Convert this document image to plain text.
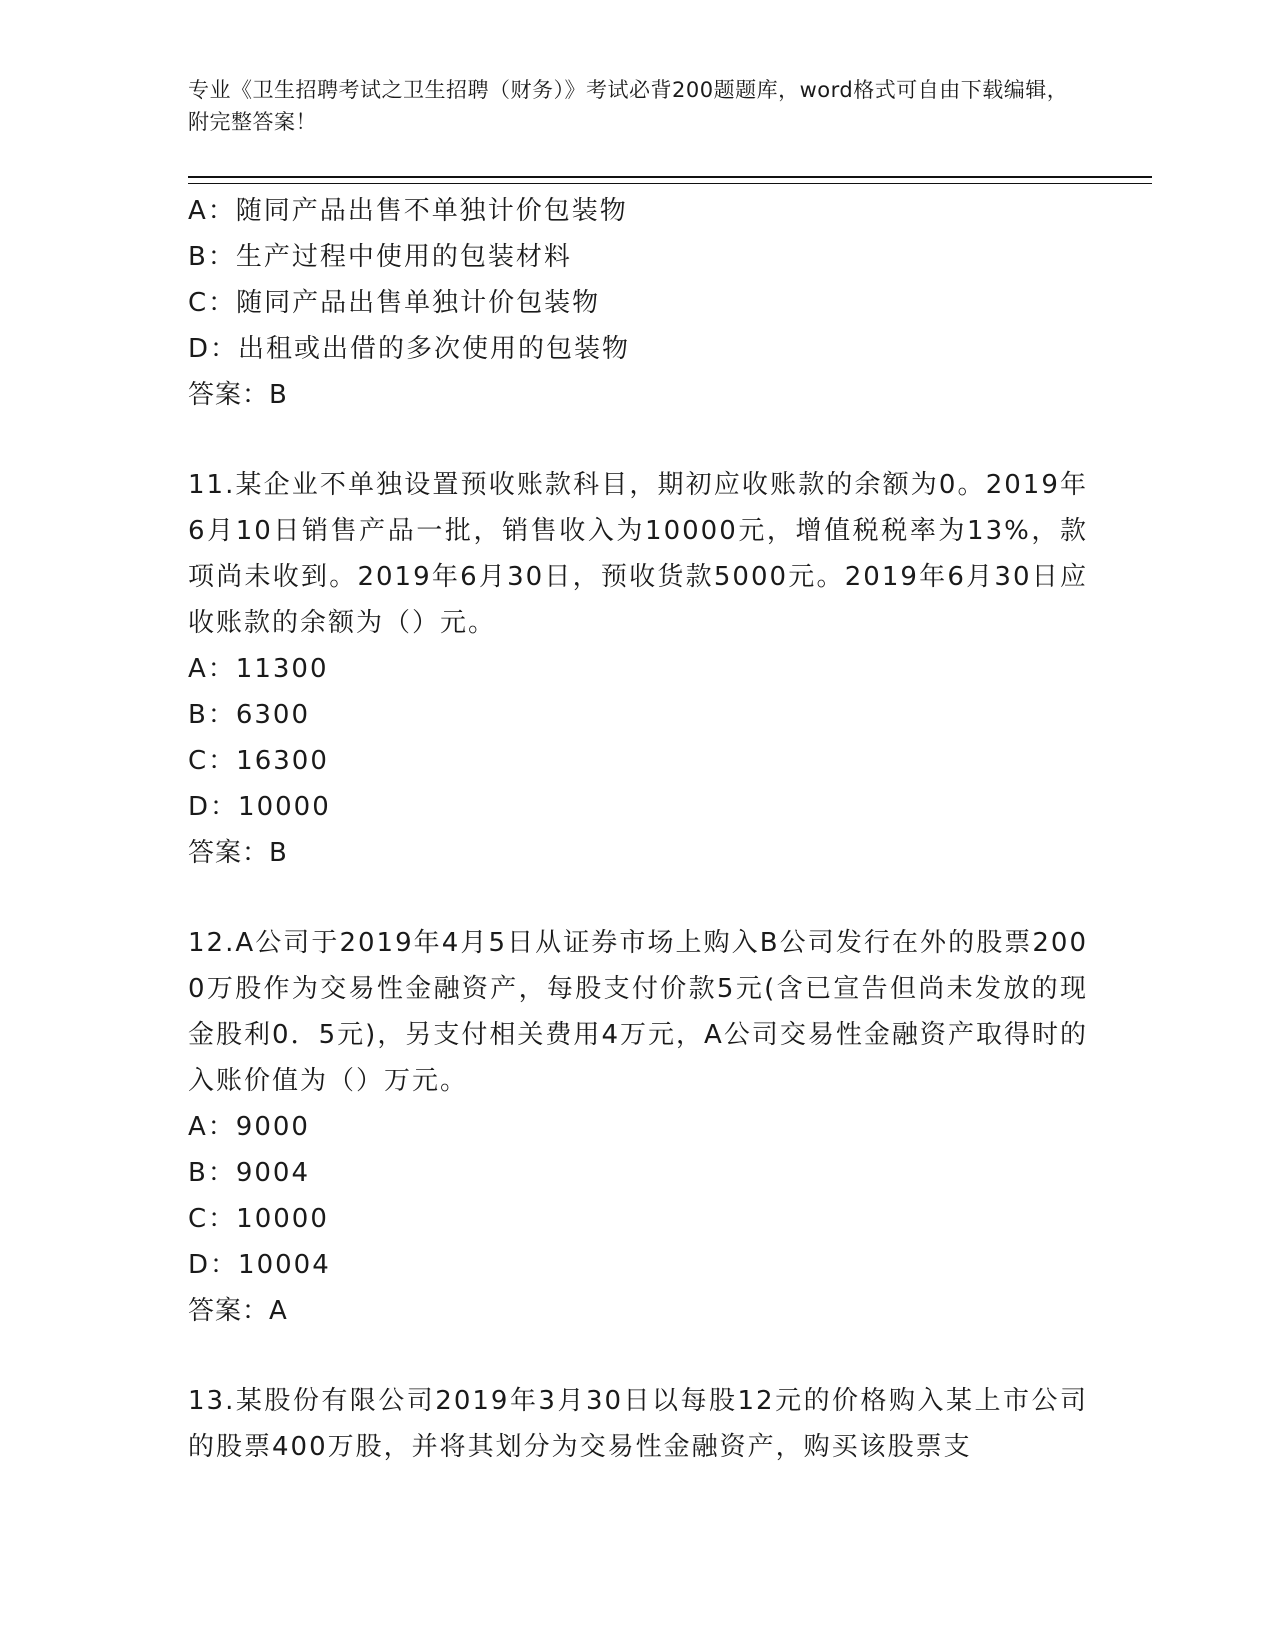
专业《卫生招聘考试之卫生招聘（财务）》考试必背200题题库，word格式可自由下载编辑，附完整答案！
A：随同产品出售不单独计价包装物
B：生产过程中使用的包装材料
C：随同产品出售单独计价包装物
D：出租或出借的多次使用的包装物
答案：B
11.某企业不单独设置预收账款科目，期初应收账款的余额为0。2019年6月10日销售产品一批，销售收入为10000元，增值税税率为13%，款项尚未收到。2019年6月30日，预收货款5000元。2019年6月30日应收账款的余额为（）元。
A：11300
B：6300
C：16300
D：10000
答案：B
12.A公司于2019年4月5日从证券市场上购入B公司发行在外的股票2000万股作为交易性金融资产，每股支付价款5元(含已宣告但尚未发放的现金股利0．5元)，另支付相关费用4万元，A公司交易性金融资产取得时的入账价值为（）万元。
A：9000
B：9004
C：10000
D：10004
答案：A
13.某股份有限公司2019年3月30日以每股12元的价格购入某上市公司的股票400万股，并将其划分为交易性金融资产，购买该股票支
